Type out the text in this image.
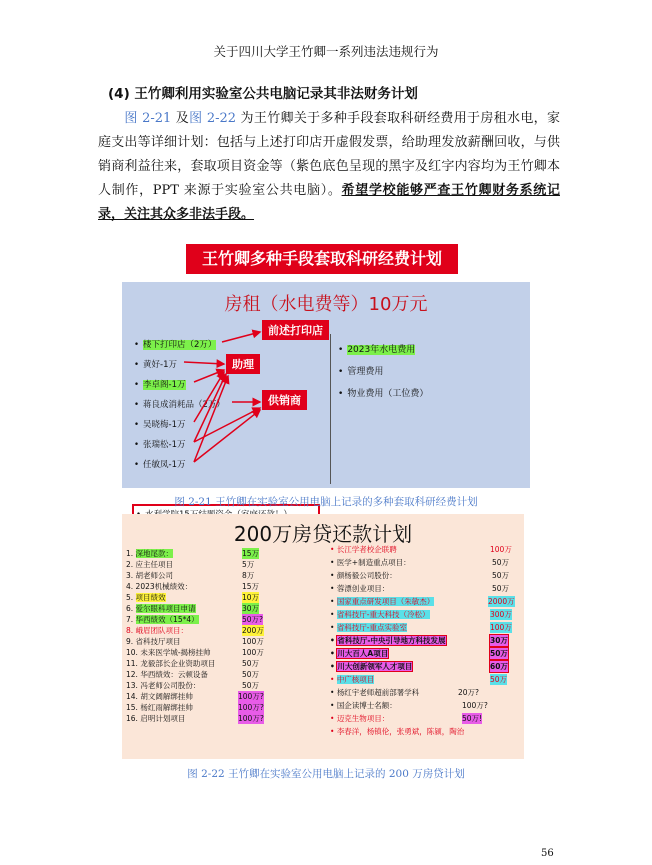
关于四川大学王竹卿一系列违法违规行为
(4) 王竹卿利用实验室公共电脑记录其非法财务计划
图 2-21 及图 2-22 为王竹卿关于多种手段套取科研经费用于房租水电，家庭支出等详细计划：包括与上述打印店开虚假发票，给助理发放薪酬回收，与供销商利益往来，套取项目资金等（紫色底色呈现的黑字及红字内容均为王竹卿本人制作，PPT 来源于实验室公共电脑）。希望学校能够严查王竹卿财务系统记录，关注其众多非法手段。
王竹卿多种手段套取科研经费计划
房租（水电费等）10万元
• 楼下打印店（2万）
• 黄好-1万
• 李卓阁-1万
• 蒋良成消耗品（2万）
• 吴晓梅-1万
• 张瑞松-1万
• 任敏凤-1万
前述打印店
助理
供销商
• 2023年水电费用
• 管理费用
• 物业费用（工位费）
图 2-21 王竹卿在实验室公用电脑上记录的多种套取科研经费计划
200万房贷还款计划
1. 深地尾款：	15万
2. 应主任项目	5万
3. 胡老师公司	8万
4. 2023机械绩效：	15万
5. 项目绩效	10万
6. 爱尔眼科项目申请	30万
7. 华西绩效（15*4）	50万?
8. 峨眉团队项目：	200万
9. 省科技厅项目	100万
10. 未来医学城-揭榜挂帅	100万
11. 龙毅部长企业资助项目	50万
12. 华西绩效：云顿设备	50万
13. 冯老师公司股份：	50万
14. 胡文阔解绑挂帅	100万?
15. 杨红雨解绑挂帅	100万?
16. 启明计划项目	100万?
• 长江学者校企联聘	100万
• 医学+制造重点项目：	50万
• 颜杨毅公司股份：	50万
• 蓉漂创业项目：	50万
• 国家重点研发项目（朱敏杰）	2000万
• 省科技厅-重大科技（冷松）	300万
• 省科技厅-重点实验室	100万
• 省科技厅-中央引导地方科技发展	30万
• 川大百人A项目	50万
• 川大创新领军人才项目	60万
• 中广核项目	50万
• 杨红宇老师超前部署学科	20万?
• 国企读博士名额：	100万?
• 迈克生物项目：	50万!
• 李春洋，杨镇伦，张勇斌，陈颍，陶治
图 2-22 王竹卿在实验室公用电脑上记录的 200 万房贷计划
56
